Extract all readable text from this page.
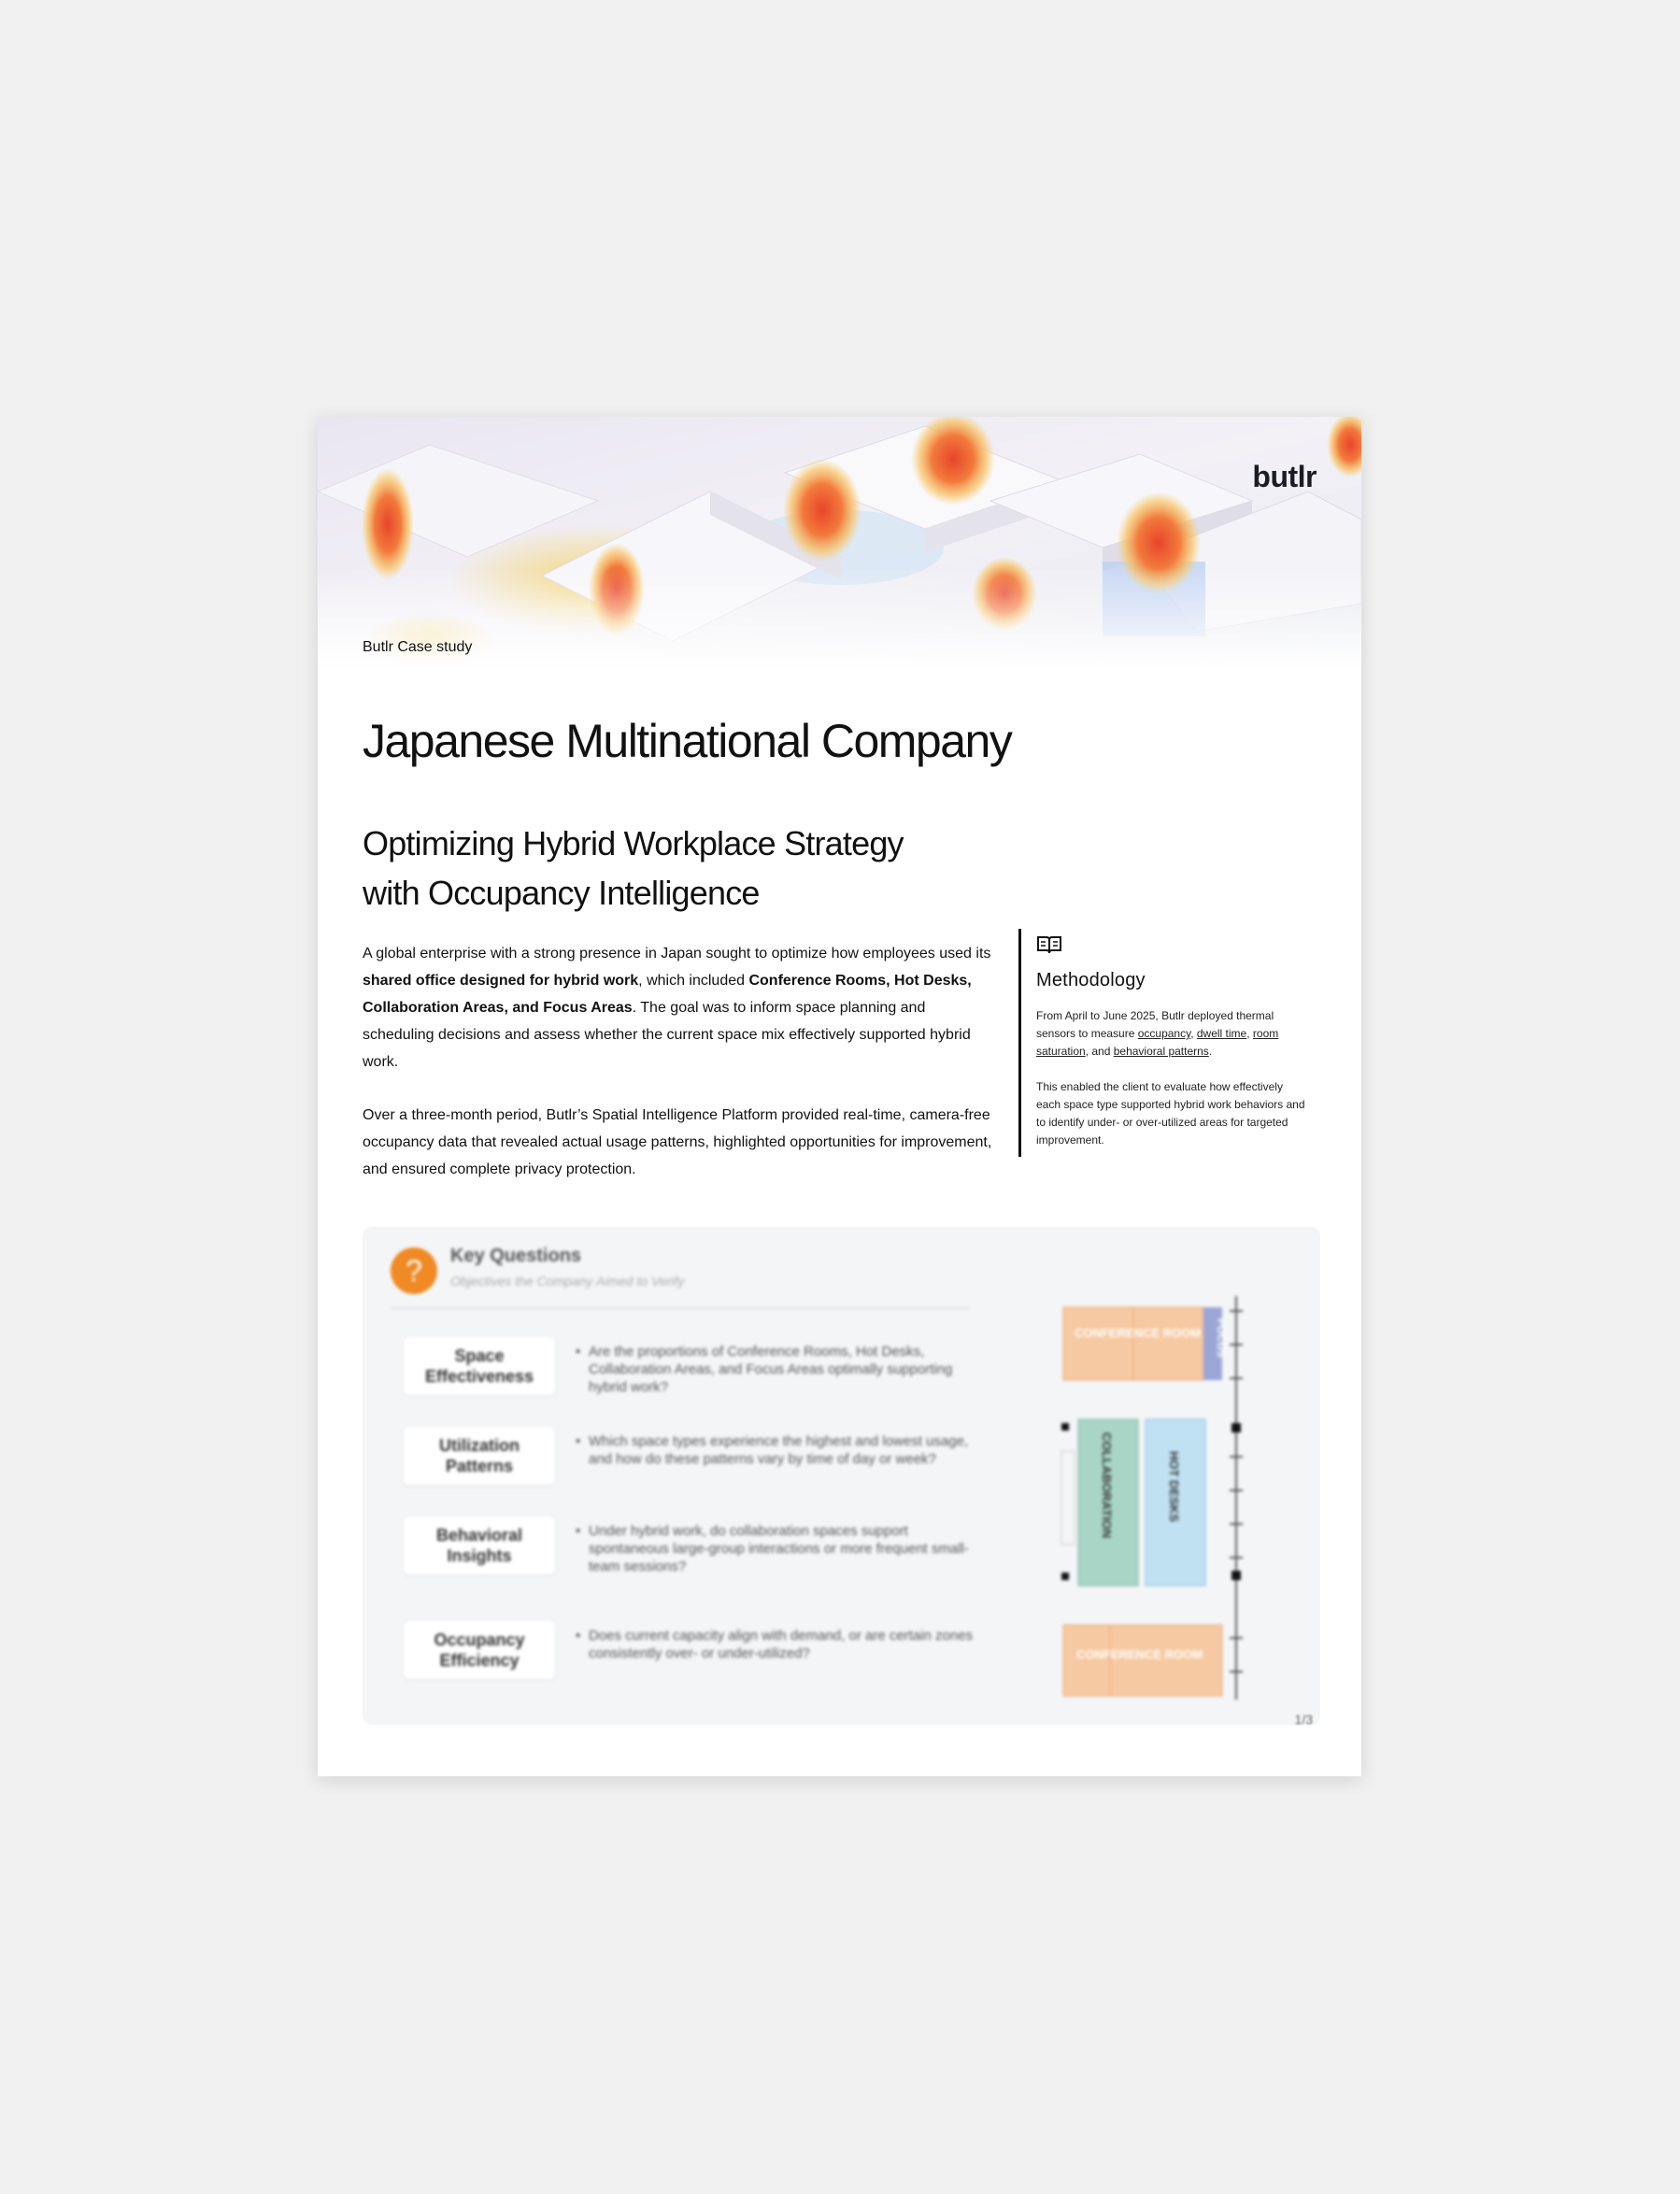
butlr
Butlr Case study
Japanese Multinational Company
Optimizing Hybrid Workplace Strategy
with Occupancy Intelligence

A global enterprise with a strong presence in Japan sought to optimize how employees used its shared office designed for hybrid work, which included Conference Rooms, Hot Desks, Collaboration Areas, and Focus Areas. The goal was to inform space planning and scheduling decisions and assess whether the current space mix effectively supported hybrid work.

Over a three-month period, Butlr’s Spatial Intelligence Platform provided real-time, camera-free occupancy data that revealed actual usage patterns, highlighted opportunities for improvement, and ensured complete privacy protection.

Methodology

From April to June 2025, Butlr deployed thermal sensors to measure occupancy, dwell time, room saturation, and behavioral patterns.

This enabled the client to evaluate how effectively each space type supported hybrid work behaviors and to identify under- or over-utilized areas for targeted improvement.

?	Key Questions
Objectives the Company Aimed to Verify
Space Effectiveness
• Are the proportions of Conference Rooms, Hot Desks, Collaboration Areas, and Focus Areas optimally supporting hybrid work?
Utilization Patterns
• Which space types experience the highest and lowest usage, and how do these patterns vary by time of day or week?
Behavioral Insights
• Under hybrid work, do collaboration spaces support spontaneous large-group interactions or more frequent small-team sessions?
Occupancy Efficiency
• Does current capacity align with demand, or are certain zones consistently over- or under-utilized?
CONFERENCE ROOM FOCUS
COLLABORATION	HOT DESKS
CONFERENCE ROOM
1/3
